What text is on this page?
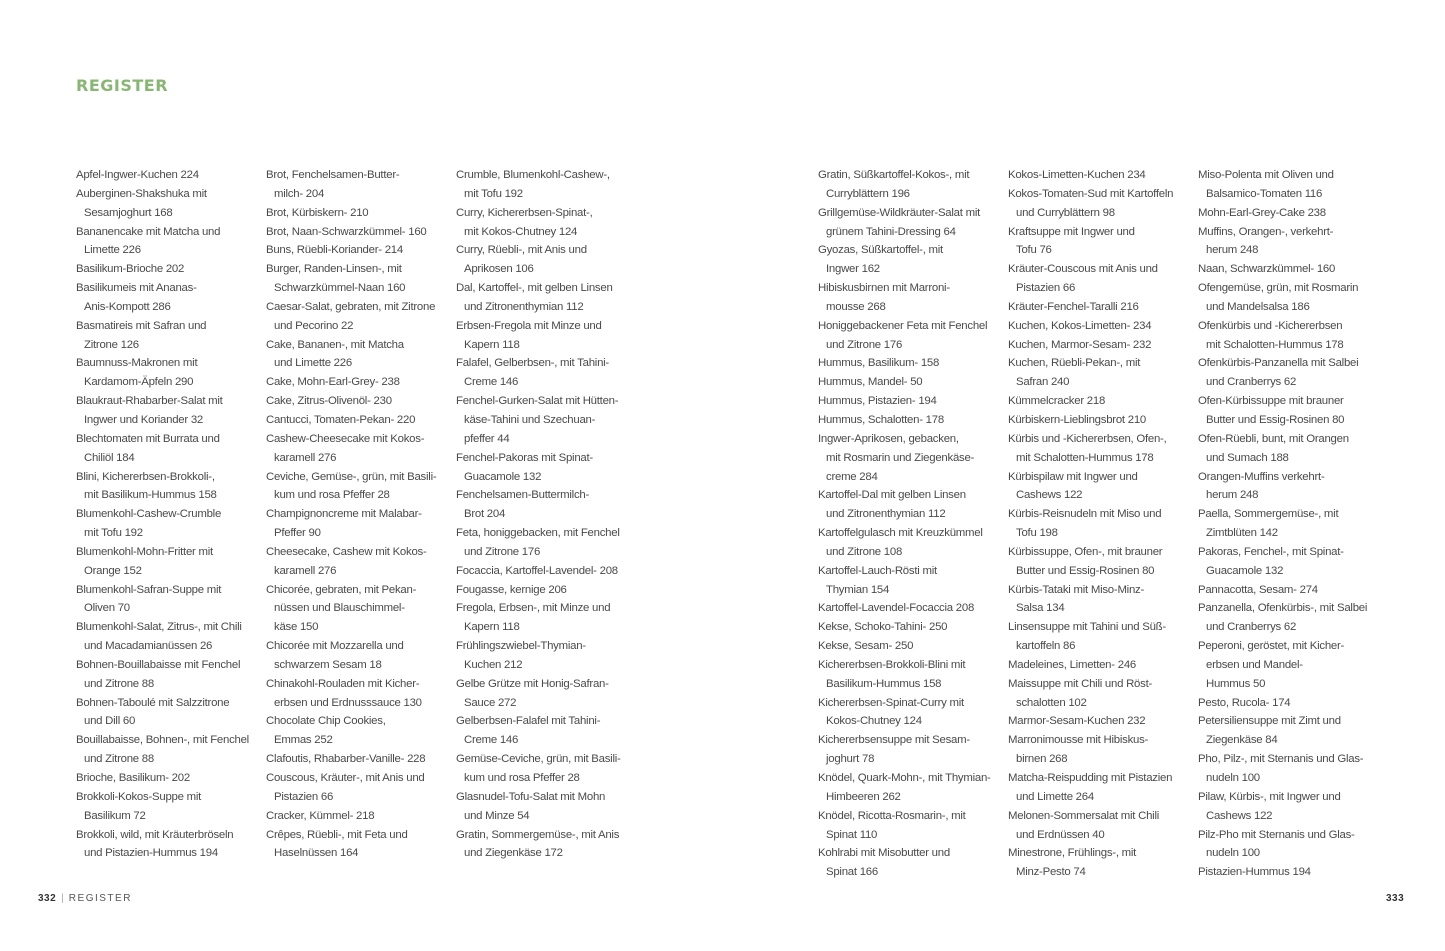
REGISTER
Apfel-Ingwer-Kuchen 224
Auberginen-Shakshuka mit
Sesamjoghurt 168
Bananencake mit Matcha und
Limette 226
Basilikum-Brioche 202
Basilikumeis mit Ananas-
Anis-Kompott 286
Basmatireis mit Safran und
Zitrone 126
Baumnuss-Makronen mit
Kardamom-Äpfeln 290
Blaukraut-Rhabarber-Salat mit
Ingwer und Koriander 32
Blechtomaten mit Burrata und
Chiliöl 184
Blini, Kichererbsen-Brokkoli-,
mit Basilikum-Hummus 158
Blumenkohl-Cashew-Crumble
mit Tofu 192
Blumenkohl-Mohn-Fritter mit
Orange 152
Blumenkohl-Safran-Suppe mit
Oliven 70
Blumenkohl-Salat, Zitrus-, mit Chili
und Macadamianüssen 26
Bohnen-Bouillabaisse mit Fenchel
und Zitrone 88
Bohnen-Taboulé mit Salzzitrone
und Dill 60
Bouillabaisse, Bohnen-, mit Fenchel
und Zitrone 88
Brioche, Basilikum- 202
Brokkoli-Kokos-Suppe mit
Basilikum 72
Brokkoli, wild, mit Kräuterbröseln
und Pistazien-Hummus 194
Brot, Fenchelsamen-Butter-
milch- 204
Brot, Kürbiskern- 210
Brot, Naan-Schwarzkümmel- 160
Buns, Rüebli-Koriander- 214
Burger, Randen-Linsen-, mit
Schwarzkümmel-Naan 160
Caesar-Salat, gebraten, mit Zitrone
und Pecorino 22
Cake, Bananen-, mit Matcha
und Limette 226
Cake, Mohn-Earl-Grey- 238
Cake, Zitrus-Olivenöl- 230
Cantucci, Tomaten-Pekan- 220
Cashew-Cheesecake mit Kokos-
karamell 276
Ceviche, Gemüse-, grün, mit Basili-
kum und rosa Pfeffer 28
Champignoncreme mit Malabar-
Pfeffer 90
Cheesecake, Cashew mit Kokos-
karamell 276
Chicorée, gebraten, mit Pekan-
nüssen und Blauschimmel-
käse 150
Chicorée mit Mozzarella und
schwarzem Sesam 18
Chinakohl-Rouladen mit Kicher-
erbsen und Erdnusssauce 130
Chocolate Chip Cookies,
Emmas 252
Clafoutis, Rhabarber-Vanille- 228
Couscous, Kräuter-, mit Anis und
Pistazien 66
Cracker, Kümmel- 218
Crêpes, Rüebli-, mit Feta und
Haselnüssen 164
Crumble, Blumenkohl-Cashew-,
mit Tofu 192
Curry, Kichererbsen-Spinat-,
mit Kokos-Chutney 124
Curry, Rüebli-, mit Anis und
Aprikosen 106
Dal, Kartoffel-, mit gelben Linsen
und Zitronenthymian 112
Erbsen-Fregola mit Minze und
Kapern 118
Falafel, Gelberbsen-, mit Tahini-
Creme 146
Fenchel-Gurken-Salat mit Hütten-
käse-Tahini und Szechuan-
pfeffer 44
Fenchel-Pakoras mit Spinat-
Guacamole 132
Fenchelsamen-Buttermilch-
Brot 204
Feta, honiggebacken, mit Fenchel
und Zitrone 176
Focaccia, Kartoffel-Lavendel- 208
Fougasse, kernige 206
Fregola, Erbsen-, mit Minze und
Kapern 118
Frühlingszwiebel-Thymian-
Kuchen 212
Gelbe Grütze mit Honig-Safran-
Sauce 272
Gelberbsen-Falafel mit Tahini-
Creme 146
Gemüse-Ceviche, grün, mit Basili-
kum und rosa Pfeffer 28
Glasnudel-Tofu-Salat mit Mohn
und Minze 54
Gratin, Sommergemüse-, mit Anis
und Ziegenkäse 172
Gratin, Süßkartoffel-Kokos-, mit
Curryblättern 196
Grillgemüse-Wildkräuter-Salat mit
grünem Tahini-Dressing 64
Gyozas, Süßkartoffel-, mit
Ingwer 162
Hibiskusbirnen mit Marroni-
mousse 268
Honiggebackener Feta mit Fenchel
und Zitrone 176
Hummus, Basilikum- 158
Hummus, Mandel- 50
Hummus, Pistazien- 194
Hummus, Schalotten- 178
Ingwer-Aprikosen, gebacken,
mit Rosmarin und Ziegenkäse-
creme 284
Kartoffel-Dal mit gelben Linsen
und Zitronenthymian 112
Kartoffelgulasch mit Kreuzkümmel
und Zitrone 108
Kartoffel-Lauch-Rösti mit
Thymian 154
Kartoffel-Lavendel-Focaccia 208
Kekse, Schoko-Tahini- 250
Kekse, Sesam- 250
Kichererbsen-Brokkoli-Blini mit
Basilikum-Hummus 158
Kichererbsen-Spinat-Curry mit
Kokos-Chutney 124
Kichererbsensuppe mit Sesam-
joghurt 78
Knödel, Quark-Mohn-, mit Thymian-
Himbeeren 262
Knödel, Ricotta-Rosmarin-, mit
Spinat 110
Kohlrabi mit Misobutter und
Spinat 166
Kokos-Limetten-Kuchen 234
Kokos-Tomaten-Sud mit Kartoffeln
und Curryblättern 98
Kraftsuppe mit Ingwer und
Tofu 76
Kräuter-Couscous mit Anis und
Pistazien 66
Kräuter-Fenchel-Taralli 216
Kuchen, Kokos-Limetten- 234
Kuchen, Marmor-Sesam- 232
Kuchen, Rüebli-Pekan-, mit
Safran 240
Kümmelcracker 218
Kürbiskern-Lieblingsbrot 210
Kürbis und -Kichererbsen, Ofen-,
mit Schalotten-Hummus 178
Kürbispilaw mit Ingwer und
Cashews 122
Kürbis-Reisnudeln mit Miso und
Tofu 198
Kürbissuppe, Ofen-, mit brauner
Butter und Essig-Rosinen 80
Kürbis-Tataki mit Miso-Minz-
Salsa 134
Linsensuppe mit Tahini und Süß-
kartoffeln 86
Madeleines, Limetten- 246
Maissuppe mit Chili und Röst-
schalotten 102
Marmor-Sesam-Kuchen 232
Marronimousse mit Hibiskus-
birnen 268
Matcha-Reispudding mit Pistazien
und Limette 264
Melonen-Sommersalat mit Chili
und Erdnüssen 40
Minestrone, Frühlings-, mit
Minz-Pesto 74
Miso-Polenta mit Oliven und
Balsamico-Tomaten 116
Mohn-Earl-Grey-Cake 238
Muffins, Orangen-, verkehrt-
herum 248
Naan, Schwarzkümmel- 160
Ofengemüse, grün, mit Rosmarin
und Mandelsalsa 186
Ofenkürbis und -Kichererbsen
mit Schalotten-Hummus 178
Ofenkürbis-Panzanella mit Salbei
und Cranberrys 62
Ofen-Kürbissuppe mit brauner
Butter und Essig-Rosinen 80
Ofen-Rüebli, bunt, mit Orangen
und Sumach 188
Orangen-Muffins verkehrt-
herum 248
Paella, Sommergemüse-, mit
Zimtblüten 142
Pakoras, Fenchel-, mit Spinat-
Guacamole 132
Pannacotta, Sesam- 274
Panzanella, Ofenkürbis-, mit Salbei
und Cranberrys 62
Peperoni, geröstet, mit Kicher-
erbsen und Mandel-
Hummus 50
Pesto, Rucola- 174
Petersiliensuppe mit Zimt und
Ziegenkäse 84
Pho, Pilz-, mit Sternanis und Glas-
nudeln 100
Pilaw, Kürbis-, mit Ingwer und
Cashews 122
Pilz-Pho mit Sternanis und Glas-
nudeln 100
Pistazien-Hummus 194
332 | REGISTER	333
